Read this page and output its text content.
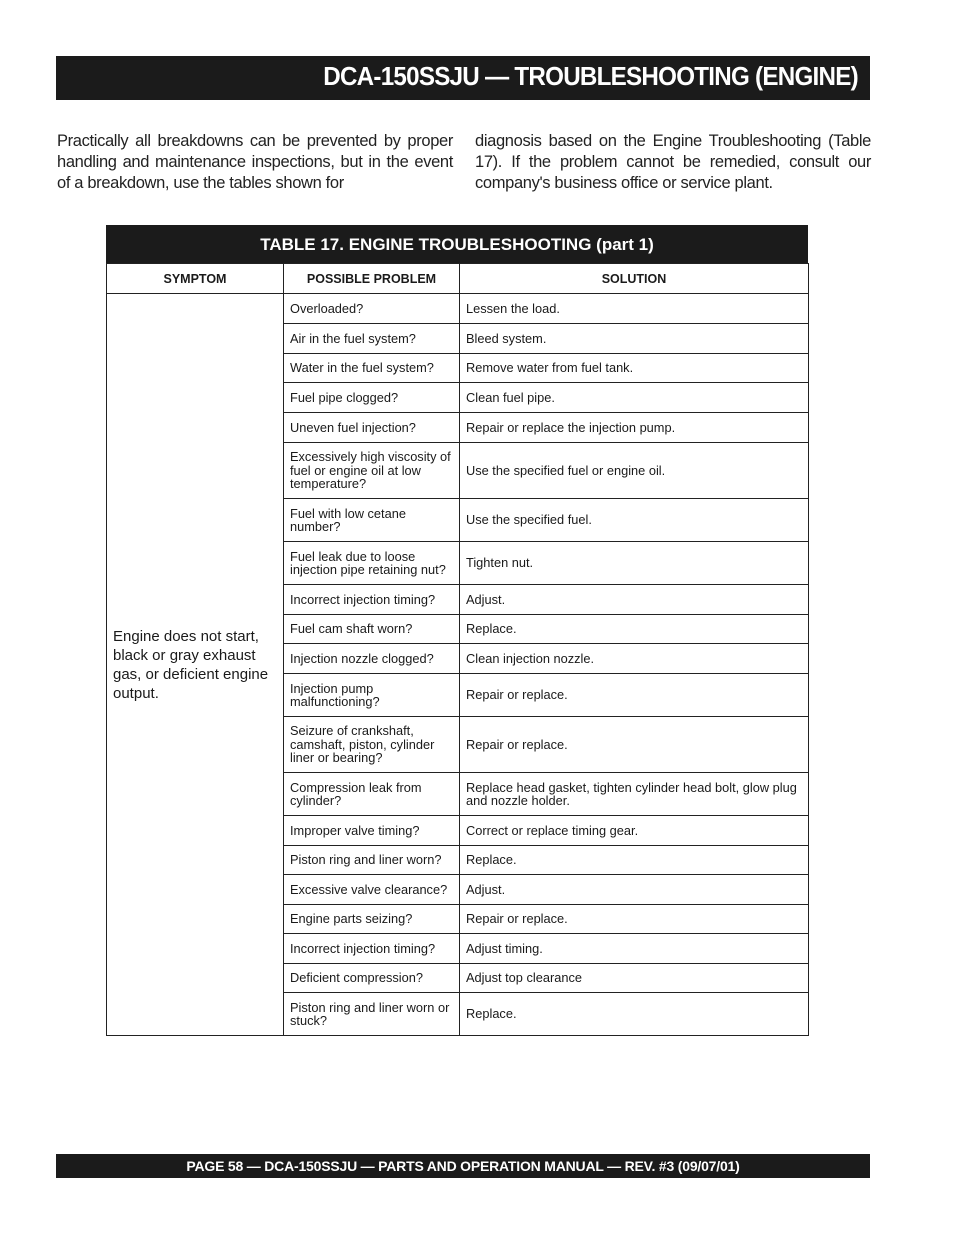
DCA-150SSJU — TROUBLESHOOTING (ENGINE)
Practically all breakdowns can be prevented by proper handling and maintenance inspections, but in the event of a breakdown, use the tables shown for
diagnosis based on the Engine Troubleshooting (Table 17). If the problem cannot be remedied, consult our company's business office or service plant.
TABLE 17. ENGINE TROUBLESHOOTING (part 1)
SYMPTOM	POSSIBLE PROBLEM	SOLUTION
Engine does not start, black or gray exhaust gas, or deficient engine output.	Overloaded?	Lessen the load.
	Air in the fuel system?	Bleed system.
	Water in the fuel system?	Remove water from fuel tank.
	Fuel pipe clogged?	Clean fuel pipe.
	Uneven fuel injection?	Repair or replace the injection pump.
	Excessively high viscosity of fuel or engine oil at low temperature?	Use the specified fuel or engine oil.
	Fuel with low cetane number?	Use the specified fuel.
	Fuel leak due to loose injection pipe retaining nut?	Tighten nut.
	Incorrect injection timing?	Adjust.
	Fuel cam shaft worn?	Replace.
	Injection nozzle clogged?	Clean injection nozzle.
	Injection pump malfunctioning?	Repair or replace.
	Seizure of crankshaft, camshaft, piston, cylinder liner or bearing?	Repair or replace.
	Compression leak from cylinder?	Replace head gasket, tighten cylinder head bolt, glow plug and nozzle holder.
	Improper valve timing?	Correct or replace timing gear.
	Piston ring and liner worn?	Replace.
	Excessive valve clearance?	Adjust.
	Engine parts seizing?	Repair or replace.
	Incorrect injection timing?	Adjust timing.
	Deficient compression?	Adjust top clearance
	Piston ring and liner worn or stuck?	Replace.
PAGE 58 — DCA-150SSJU — PARTS AND OPERATION MANUAL — REV. #3 (09/07/01)
